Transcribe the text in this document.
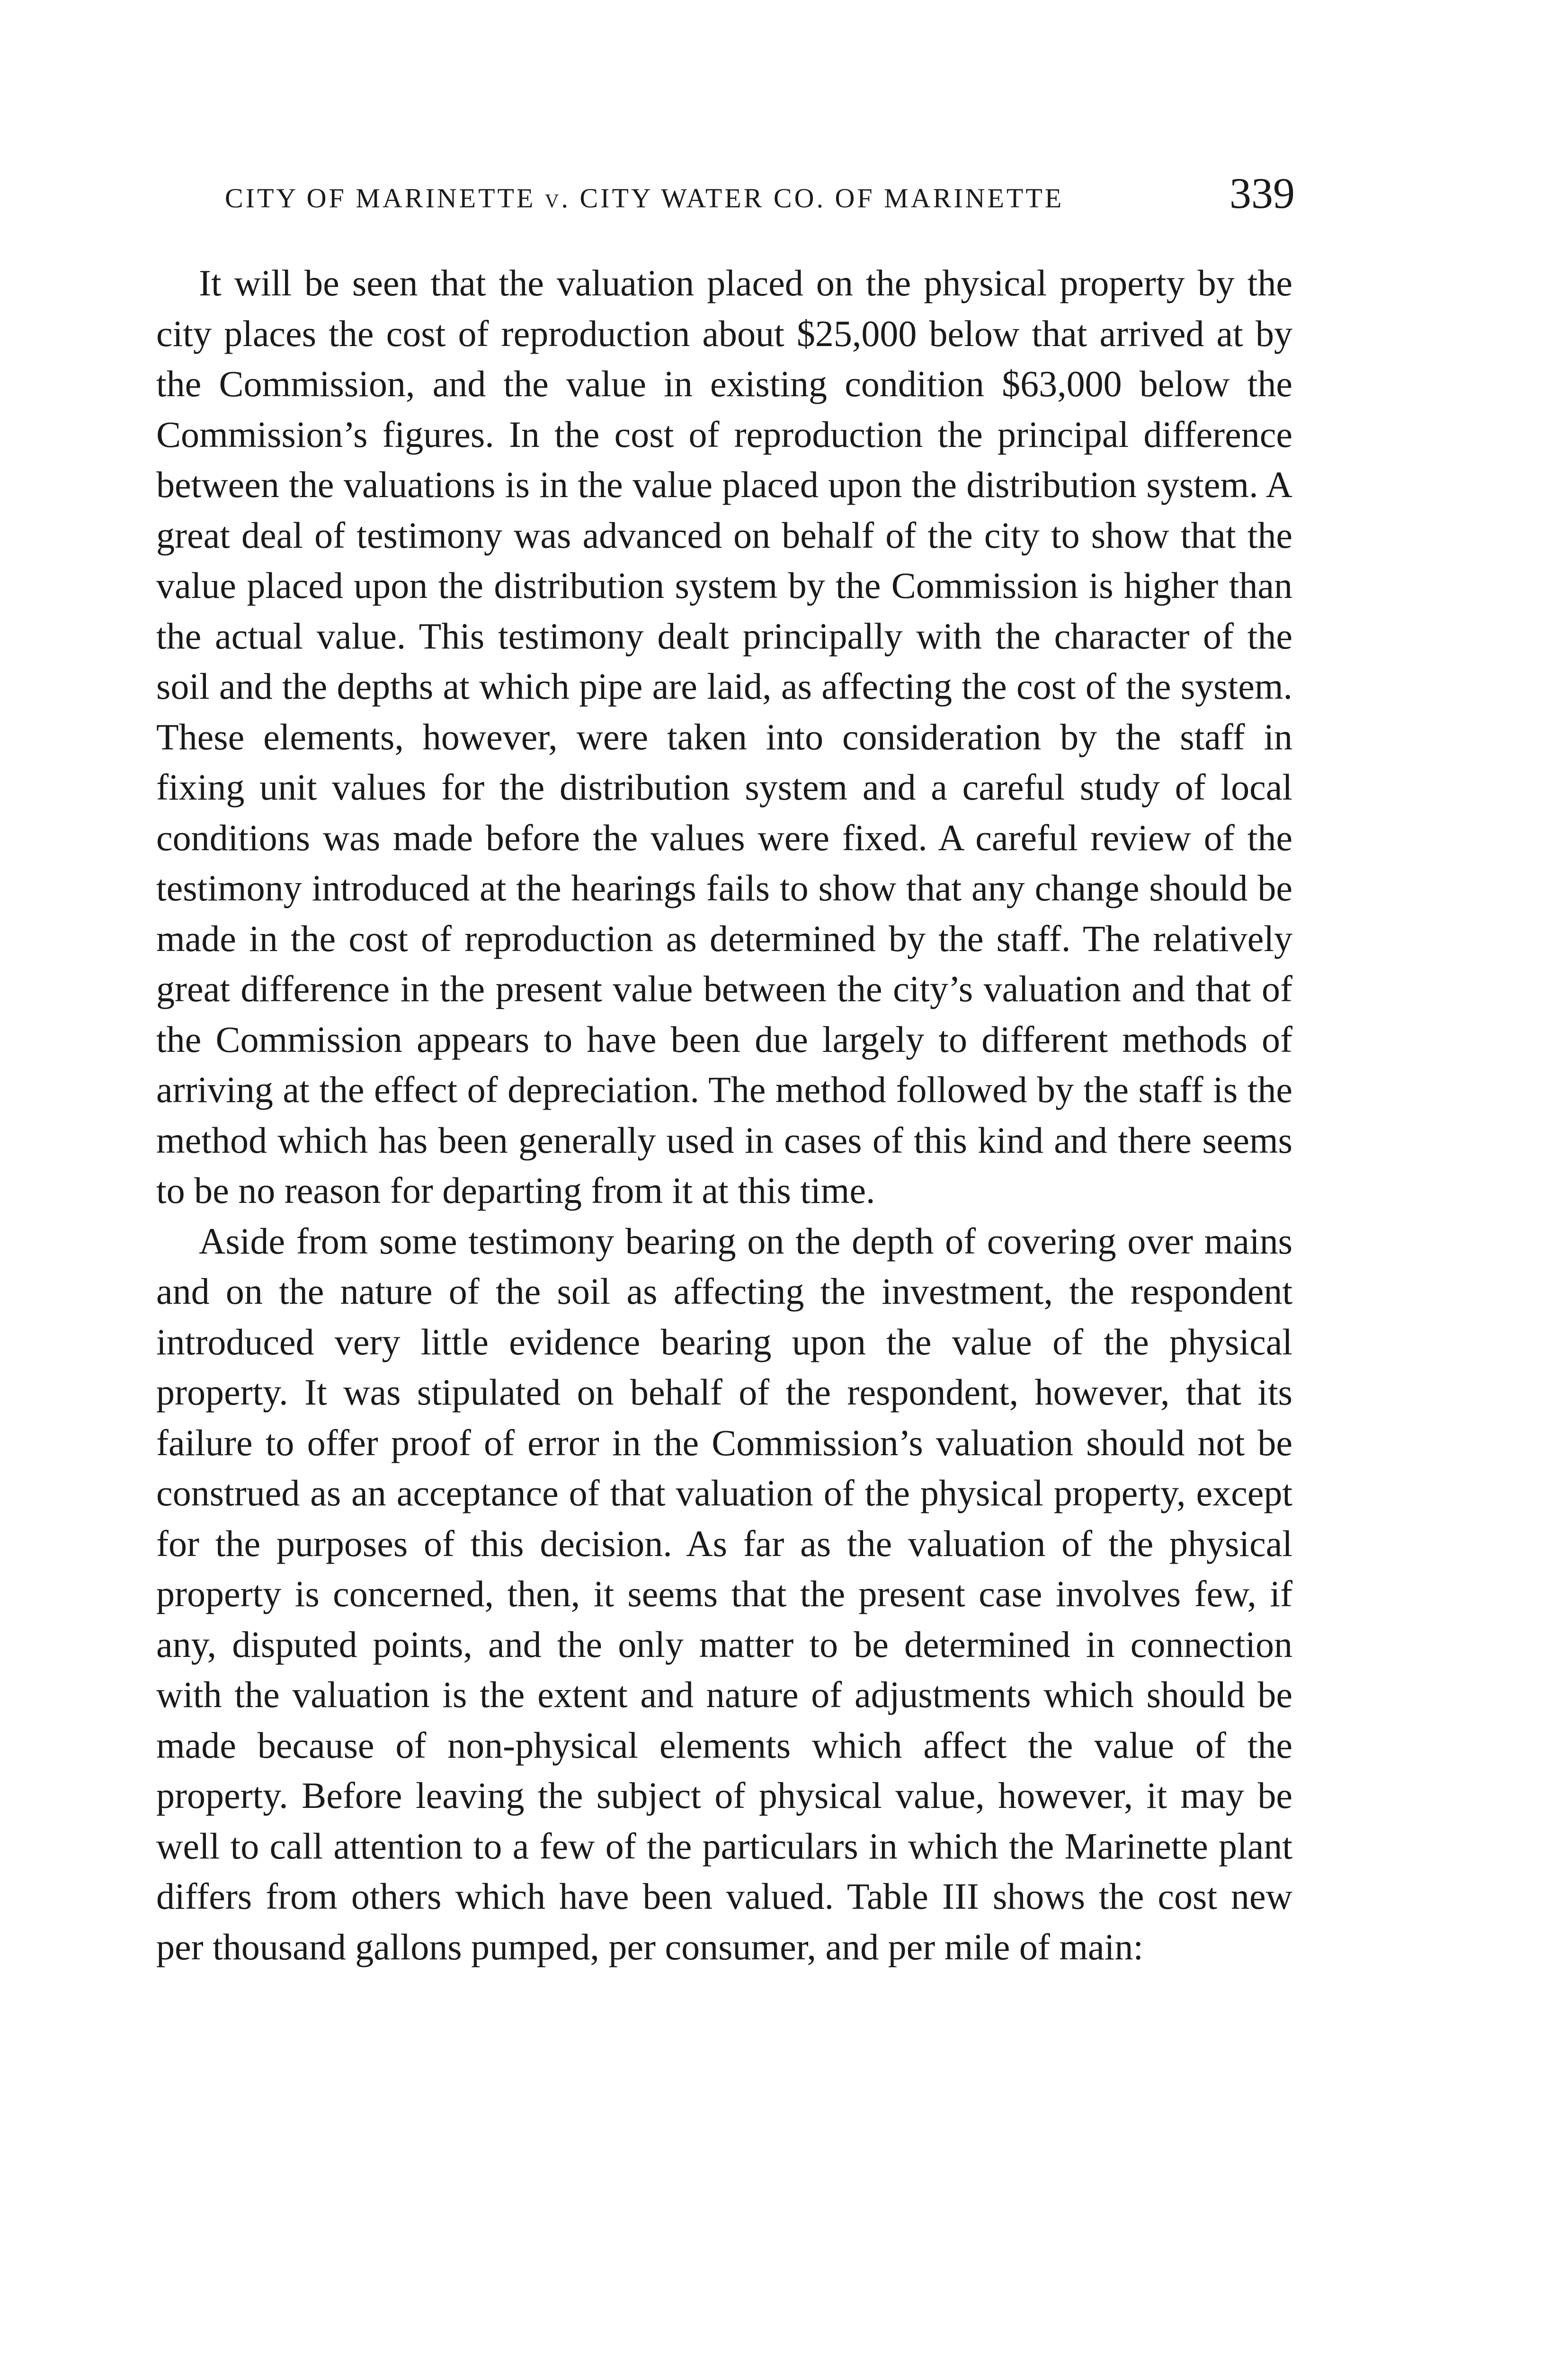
CITY OF MARINETTE v. CITY WATER CO. OF MARINETTE	339

It will be seen that the valuation placed on the physical property by the city places the cost of reproduction about $25,000 below that arrived at by the Commission, and the value in existing condition $63,000 below the Commission’s figures. In the cost of reproduction the principal difference between the valuations is in the value placed upon the distribution system. A great deal of testimony was advanced on behalf of the city to show that the value placed upon the distribution system by the Commission is higher than the actual value. This testimony dealt principally with the character of the soil and the depths at which pipe are laid, as affecting the cost of the system. These elements, however, were taken into consideration by the staff in fixing unit values for the distribution system and a careful study of local conditions was made before the values were fixed. A careful review of the testimony introduced at the hearings fails to show that any change should be made in the cost of reproduction as determined by the staff. The relatively great difference in the present value between the city’s valuation and that of the Commission appears to have been due largely to different methods of arriving at the effect of depreciation. The method followed by the staff is the method which has been generally used in cases of this kind and there seems to be no reason for departing from it at this time.

Aside from some testimony bearing on the depth of covering over mains and on the nature of the soil as affecting the investment, the respondent introduced very little evidence bearing upon the value of the physical property. It was stipulated on behalf of the respondent, however, that its failure to offer proof of error in the Commission’s valuation should not be construed as an acceptance of that valuation of the physical property, except for the purposes of this decision. As far as the valuation of the physical property is concerned, then, it seems that the present case involves few, if any, disputed points, and the only matter to be determined in connection with the valuation is the extent and nature of adjustments which should be made because of non-physical elements which affect the value of the property. Before leaving the subject of physical value, however, it may be well to call attention to a few of the particulars in which the Marinette plant differs from others which have been valued. Table III shows the cost new per thousand gallons pumped, per consumer, and per mile of main:
